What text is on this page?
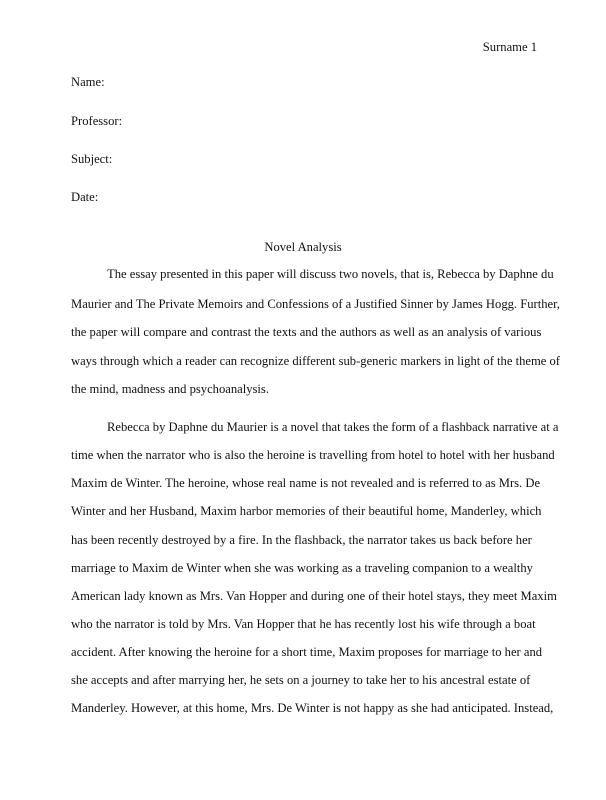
Surname 1
Name:
Professor:
Subject:
Date:
Novel Analysis
The essay presented in this paper will discuss two novels, that is, Rebecca by Daphne du
Maurier and The Private Memoirs and Confessions of a Justified Sinner by James Hogg. Further,
the paper will compare and contrast the texts and the authors as well as an analysis of various
ways through which a reader can recognize different sub-generic markers in light of the theme of
the mind, madness and psychoanalysis.
Rebecca by Daphne du Maurier is a novel that takes the form of a flashback narrative at a
time when the narrator who is also the heroine is travelling from hotel to hotel with her husband
Maxim de Winter. The heroine, whose real name is not revealed and is referred to as Mrs. De
Winter and her Husband, Maxim harbor memories of their beautiful home, Manderley, which
has been recently destroyed by a fire. In the flashback, the narrator takes us back before her
marriage to Maxim de Winter when she was working as a traveling companion to a wealthy
American lady known as Mrs. Van Hopper and during one of their hotel stays, they meet Maxim
who the narrator is told by Mrs. Van Hopper that he has recently lost his wife through a boat
accident. After knowing the heroine for a short time, Maxim proposes for marriage to her and
she accepts and after marrying her, he sets on a journey to take her to his ancestral estate of
Manderley. However, at this home, Mrs. De Winter is not happy as she had anticipated. Instead,
